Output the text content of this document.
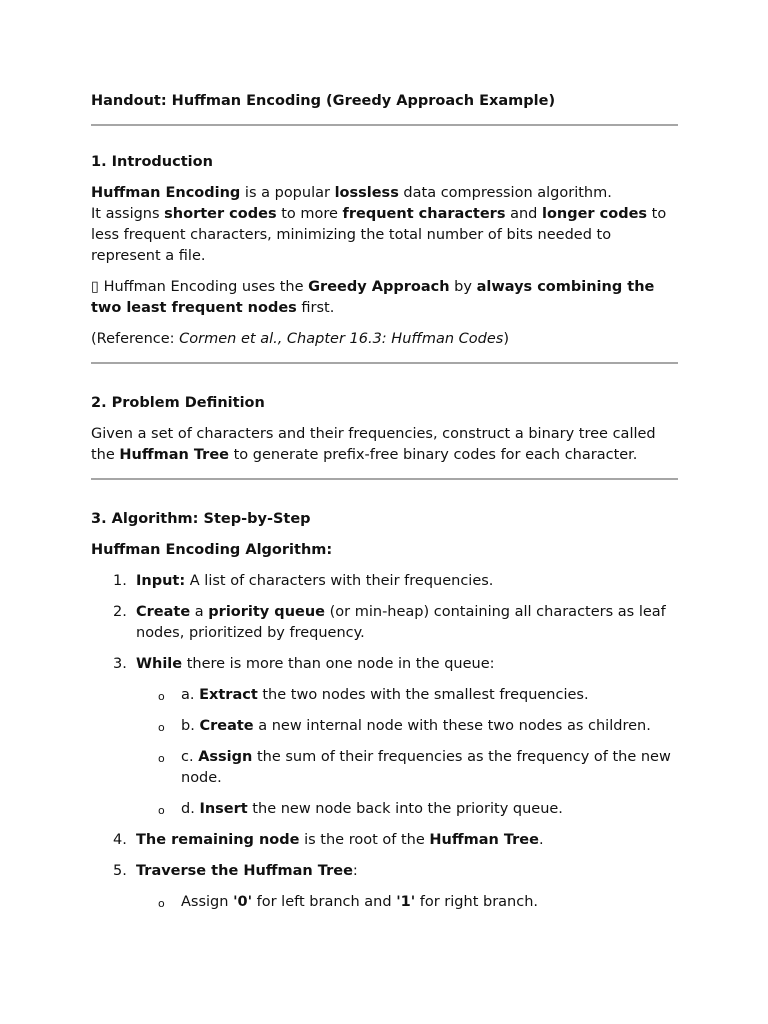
Handout: Huffman Encoding (Greedy Approach Example)

1. Introduction

Huffman Encoding is a popular lossless data compression algorithm.
It assigns shorter codes to more frequent characters and longer codes to less frequent characters, minimizing the total number of bits needed to represent a file.

▯ Huffman Encoding uses the Greedy Approach by always combining the two least frequent nodes first.

(Reference: Cormen et al., Chapter 16.3: Huffman Codes)

2. Problem Definition

Given a set of characters and their frequencies, construct a binary tree called the Huffman Tree to generate prefix-free binary codes for each character.

3. Algorithm: Step-by-Step

Huffman Encoding Algorithm:

1. Input: A list of characters with their frequencies.
2. Create a priority queue (or min-heap) containing all characters as leaf nodes, prioritized by frequency.
3. While there is more than one node in the queue:
o a. Extract the two nodes with the smallest frequencies.
o b. Create a new internal node with these two nodes as children.
o c. Assign the sum of their frequencies as the frequency of the new node.
o d. Insert the new node back into the priority queue.
4. The remaining node is the root of the Huffman Tree.
5. Traverse the Huffman Tree:
o Assign '0' for left branch and '1' for right branch.
